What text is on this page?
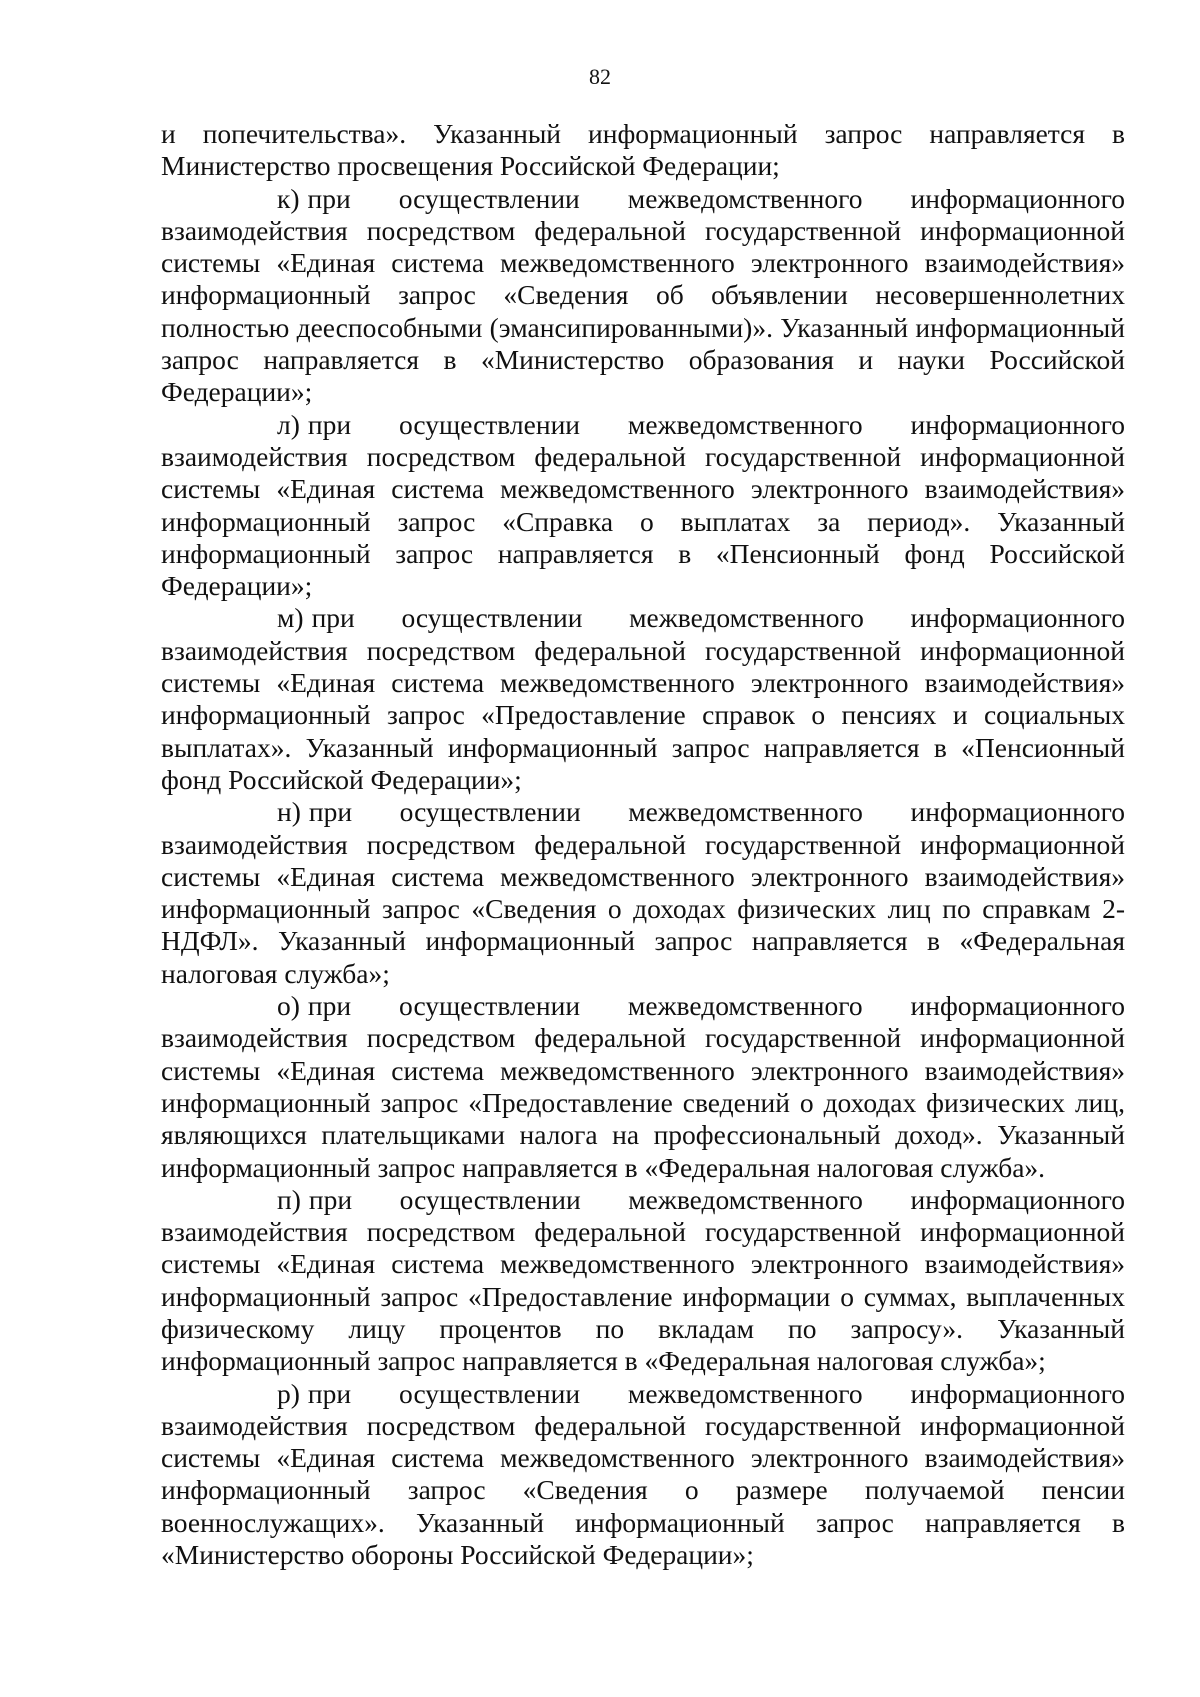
82

и попечительства». Указанный информационный запрос направляется в Министерство просвещения Российской Федерации;

к) при осуществлении межведомственного информационного взаимодействия посредством федеральной государственной информационной системы «Единая система межведомственного электронного взаимодействия» информационный запрос «Сведения об объявлении несовершеннолетних полностью дееспособными (эмансипированными)». Указанный информационный запрос направляется в «Министерство образования и науки Российской Федерации»;

л) при осуществлении межведомственного информационного взаимодействия посредством федеральной государственной информационной системы «Единая система межведомственного электронного взаимодействия» информационный запрос «Справка о выплатах за период». Указанный информационный запрос направляется в «Пенсионный фонд Российской Федерации»;

м) при осуществлении межведомственного информационного взаимодействия посредством федеральной государственной информационной системы «Единая система межведомственного электронного взаимодействия» информационный запрос «Предоставление справок о пенсиях и социальных выплатах». Указанный информационный запрос направляется в «Пенсионный фонд Российской Федерации»;

н) при осуществлении межведомственного информационного взаимодействия посредством федеральной государственной информационной системы «Единая система межведомственного электронного взаимодействия» информационный запрос «Сведения о доходах физических лиц по справкам 2-НДФЛ». Указанный информационный запрос направляется в «Федеральная налоговая служба»;

о) при осуществлении межведомственного информационного взаимодействия посредством федеральной государственной информационной системы «Единая система межведомственного электронного взаимодействия» информационный запрос «Предоставление сведений о доходах физических лиц, являющихся плательщиками налога на профессиональный доход». Указанный информационный запрос направляется в «Федеральная налоговая служба».

п) при осуществлении межведомственного информационного взаимодействия посредством федеральной государственной информационной системы «Единая система межведомственного электронного взаимодействия» информационный запрос «Предоставление информации о суммах, выплаченных физическому лицу процентов по вкладам по запросу». Указанный информационный запрос направляется в «Федеральная налоговая служба»;

р) при осуществлении межведомственного информационного взаимодействия посредством федеральной государственной информационной системы «Единая система межведомственного электронного взаимодействия» информационный запрос «Сведения о размере получаемой пенсии военнослужащих». Указанный информационный запрос направляется в «Министерство обороны Российской Федерации»;
